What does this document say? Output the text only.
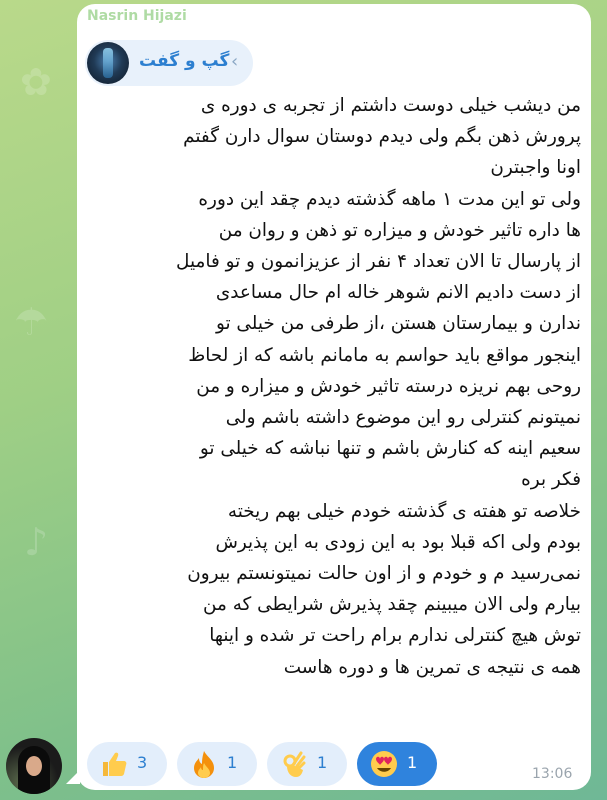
✿
☂
♪
Nasrin Hijazi
گپ و گفت ‹
من دیشب خیلی دوست داشتم از تجربه ی دوره ی
پرورش ذهن بگم ولی دیدم دوستان سوال دارن گفتم
اونا واجبترن
ولی تو این مدت ۱ ماهه گذشته دیدم چقد این دوره
ها داره تاثیر خودش و میزاره تو ذهن و روان من
از پارسال تا الان تعداد ۴ نفر از عزیزانمون و تو فامیل
از دست دادیم الانم شوهر خاله ام حال مساعدی
ندارن و بیمارستان هستن ،از طرفی من خیلی تو
اینجور مواقع باید حواسم به مامانم باشه که از لحاظ
روحی بهم نریزه درسته تاثیر خودش و میزاره و من
نمیتونم کنترلی رو این موضوع داشته باشم ولی
سعیم اینه که کنارش باشم و تنها نباشه که خیلی تو
فکر بره
خلاصه تو هفته ی گذشته خودم خیلی بهم ریخته
بودم ولی اکه قبلا بود به این زودی به این پذیرش
نمی‌رسید م و خودم و از اون حالت نمیتونستم بیرون
بیارم ولی الان میبینم چقد پذیرش شرایطی که من
توش هیچ کنترلی ندارم برام راحت تر شده و اینها
همه ی نتیجه ی تمرین ها و دوره هاست
3	1	1	1
13:06
